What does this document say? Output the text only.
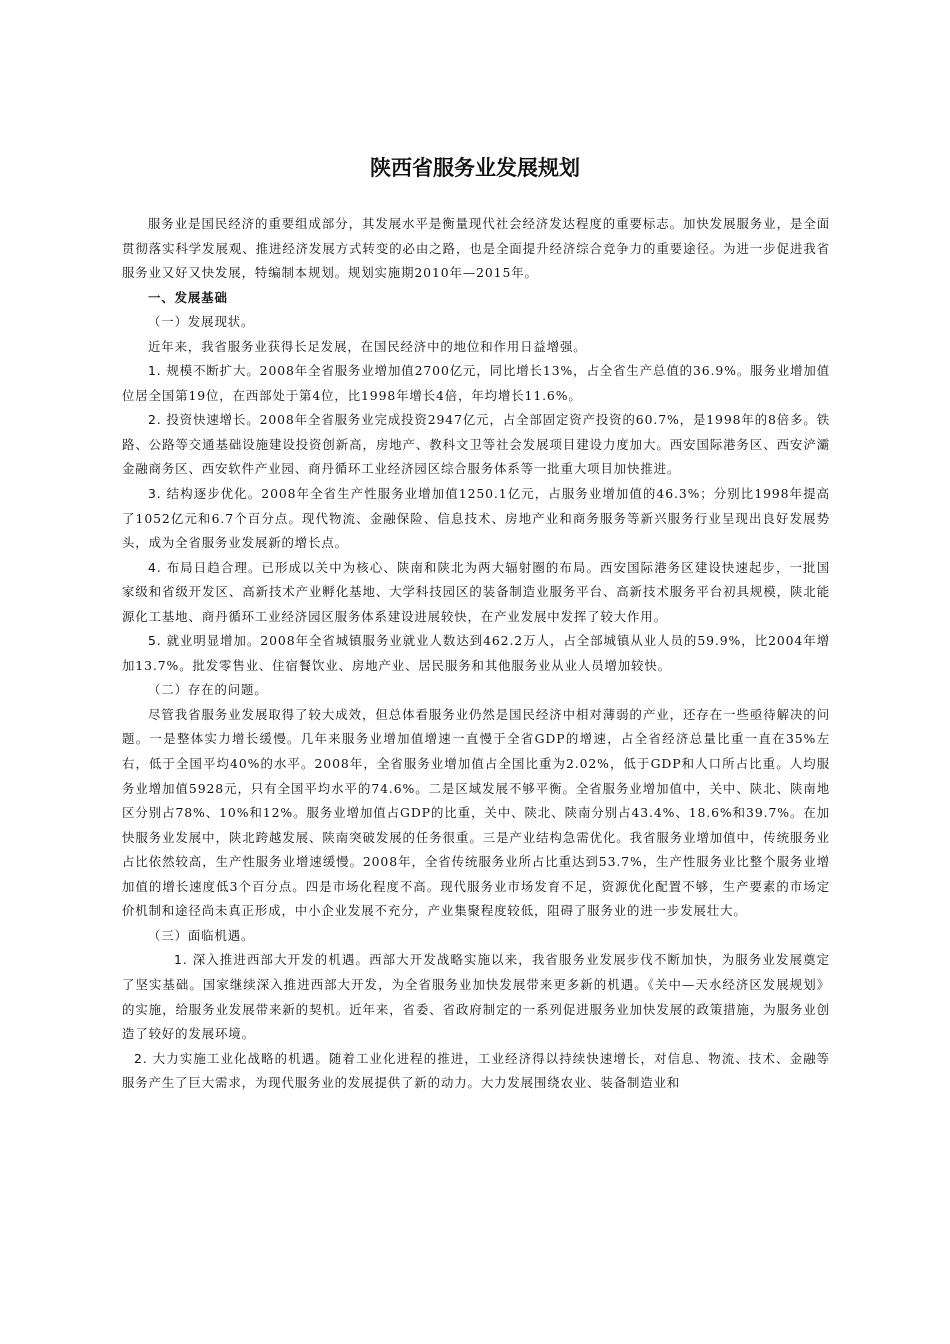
陕西省服务业发展规划

服务业是国民经济的重要组成部分，其发展水平是衡量现代社会经济发达程度的重要标志。加快发展服务业，是全面贯彻落实科学发展观、推进经济发展方式转变的必由之路，也是全面提升经济综合竞争力的重要途径。为进一步促进我省服务业又好又快发展，特编制本规划。规划实施期2010年—2015年。

一、发展基础

（一）发展现状。

近年来，我省服务业获得长足发展，在国民经济中的地位和作用日益增强。

1. 规模不断扩大。2008年全省服务业增加值2700亿元，同比增长13%，占全省生产总值的36.9%。服务业增加值位居全国第19位，在西部处于第4位，比1998年增长4倍，年均增长11.6%。

2. 投资快速增长。2008年全省服务业完成投资2947亿元，占全部固定资产投资的60.7%，是1998年的8倍多。铁路、公路等交通基础设施建设投资创新高，房地产、教科文卫等社会发展项目建设力度加大。西安国际港务区、西安浐灞金融商务区、西安软件产业园、商丹循环工业经济园区综合服务体系等一批重大项目加快推进。

3. 结构逐步优化。2008年全省生产性服务业增加值1250.1亿元，占服务业增加值的46.3%；分别比1998年提高了1052亿元和6.7个百分点。现代物流、金融保险、信息技术、房地产业和商务服务等新兴服务行业呈现出良好发展势头，成为全省服务业发展新的增长点。

4. 布局日趋合理。已形成以关中为核心、陕南和陕北为两大辐射圈的布局。西安国际港务区建设快速起步，一批国家级和省级开发区、高新技术产业孵化基地、大学科技园区的装备制造业服务平台、高新技术服务平台初具规模，陕北能源化工基地、商丹循环工业经济园区服务体系建设进展较快，在产业发展中发挥了较大作用。

5. 就业明显增加。2008年全省城镇服务业就业人数达到462.2万人，占全部城镇从业人员的59.9%，比2004年增加13.7%。批发零售业、住宿餐饮业、房地产业、居民服务和其他服务业从业人员增加较快。

（二）存在的问题。

尽管我省服务业发展取得了较大成效，但总体看服务业仍然是国民经济中相对薄弱的产业，还存在一些亟待解决的问题。一是整体实力增长缓慢。几年来服务业增加值增速一直慢于全省GDP的增速，占全省经济总量比重一直在35%左右，低于全国平均40%的水平。2008年，全省服务业增加值占全国比重为2.02%，低于GDP和人口所占比重。人均服务业增加值5928元，只有全国平均水平的74.6%。二是区域发展不够平衡。全省服务业增加值中，关中、陕北、陕南地区分别占78%、10%和12%。服务业增加值占GDP的比重，关中、陕北、陕南分别占43.4%、18.6%和39.7%。在加快服务业发展中，陕北跨越发展、陕南突破发展的任务很重。三是产业结构急需优化。我省服务业增加值中，传统服务业占比依然较高，生产性服务业增速缓慢。2008年，全省传统服务业所占比重达到53.7%，生产性服务业比整个服务业增加值的增长速度低3个百分点。四是市场化程度不高。现代服务业市场发育不足，资源优化配置不够，生产要素的市场定价机制和途径尚未真正形成，中小企业发展不充分，产业集聚程度较低，阻碍了服务业的进一步发展壮大。

（三）面临机遇。

1. 深入推进西部大开发的机遇。西部大开发战略实施以来，我省服务业发展步伐不断加快，为服务业发展奠定了坚实基础。国家继续深入推进西部大开发，为全省服务业加快发展带来更多新的机遇。《关中—天水经济区发展规划》的实施，给服务业发展带来新的契机。近年来，省委、省政府制定的一系列促进服务业加快发展的政策措施，为服务业创造了较好的发展环境。

2. 大力实施工业化战略的机遇。随着工业化进程的推进，工业经济得以持续快速增长，对信息、物流、技术、金融等服务产生了巨大需求，为现代服务业的发展提供了新的动力。大力发展围绕农业、装备制造业和
